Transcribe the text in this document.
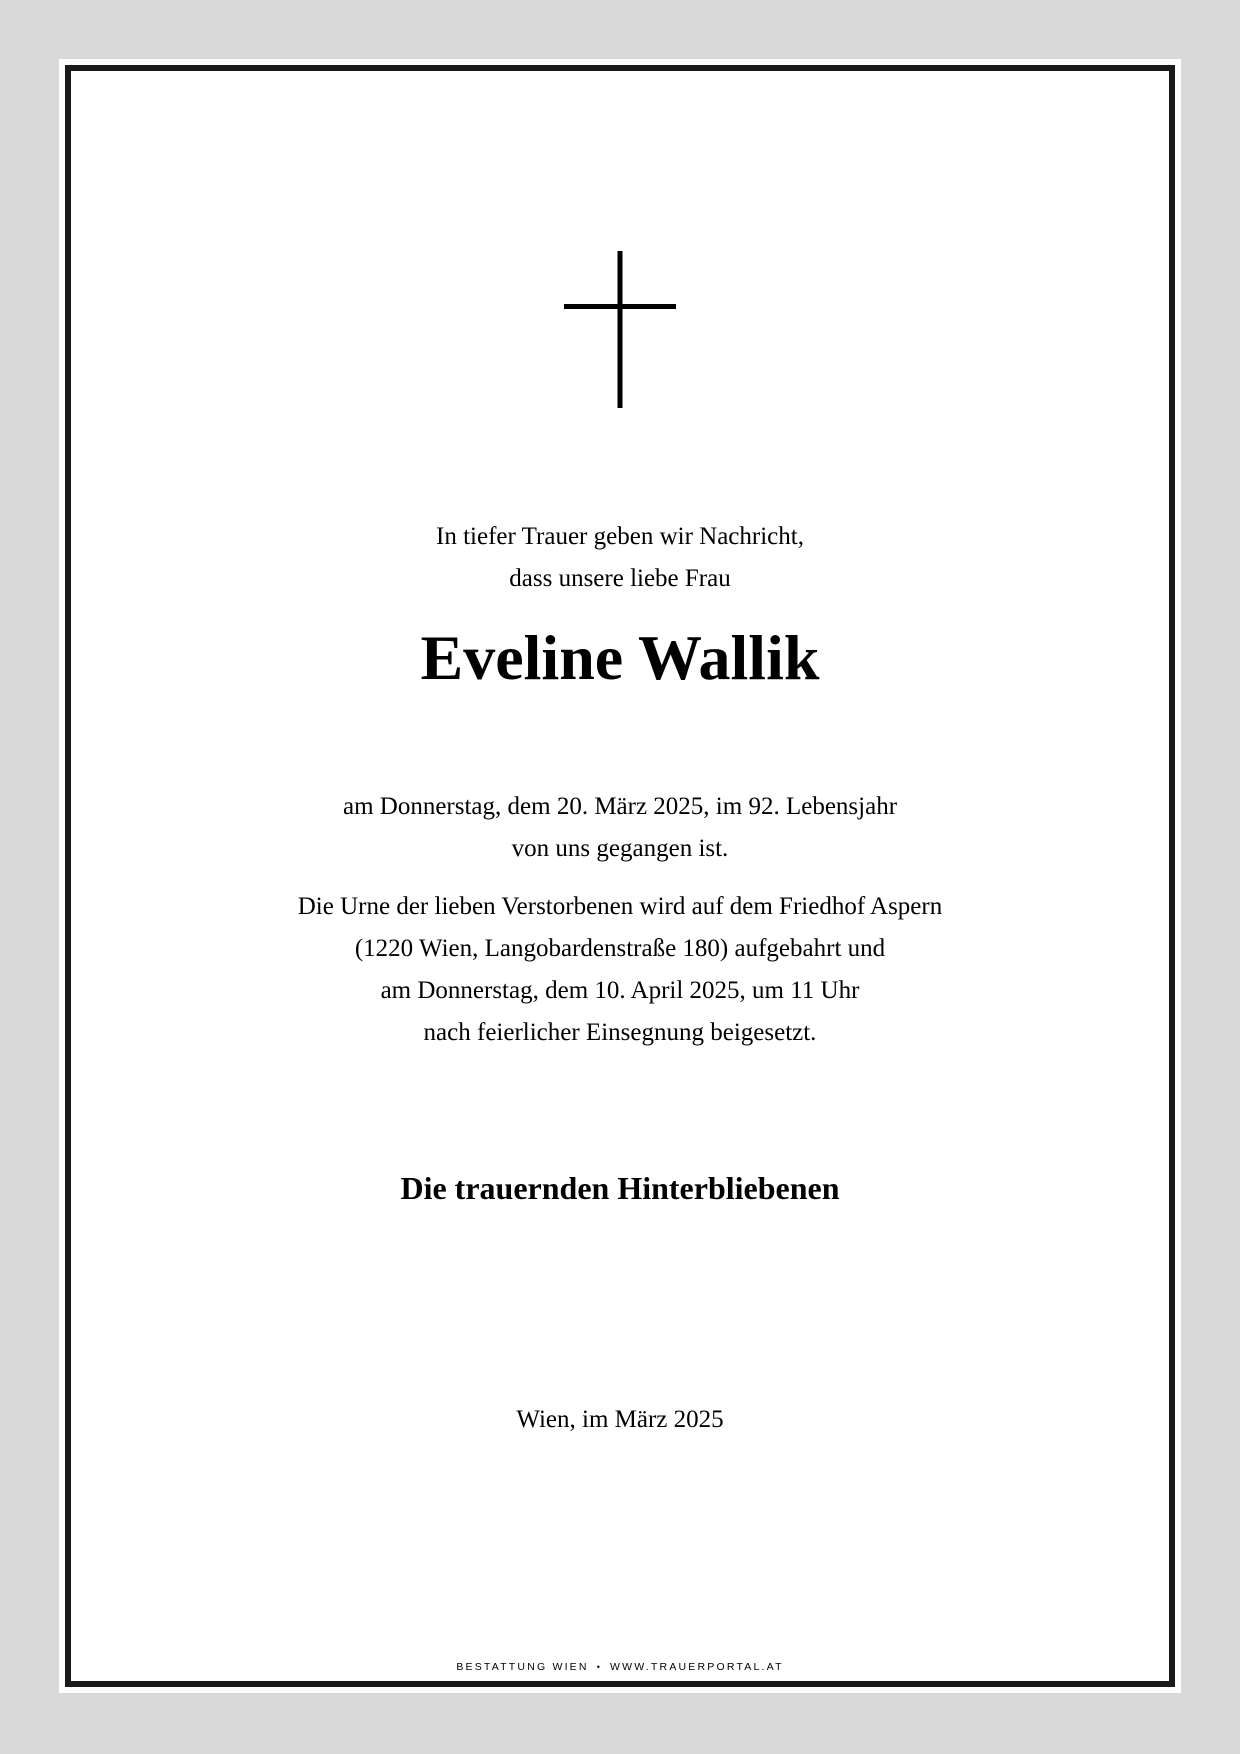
In tiefer Trauer geben wir Nachricht,
dass unsere liebe Frau
Eveline Wallik
am Donnerstag, dem 20. März 2025, im 92. Lebensjahr
von uns gegangen ist.
Die Urne der lieben Verstorbenen wird auf dem Friedhof Aspern
(1220 Wien, Langobardenstraße 180) aufgebahrt und
am Donnerstag, dem 10. April 2025, um 11 Uhr
nach feierlicher Einsegnung beigesetzt.
Die trauernden Hinterbliebenen
Wien, im März 2025
BESTATTUNG WIEN • WWW.TRAUERPORTAL.AT
